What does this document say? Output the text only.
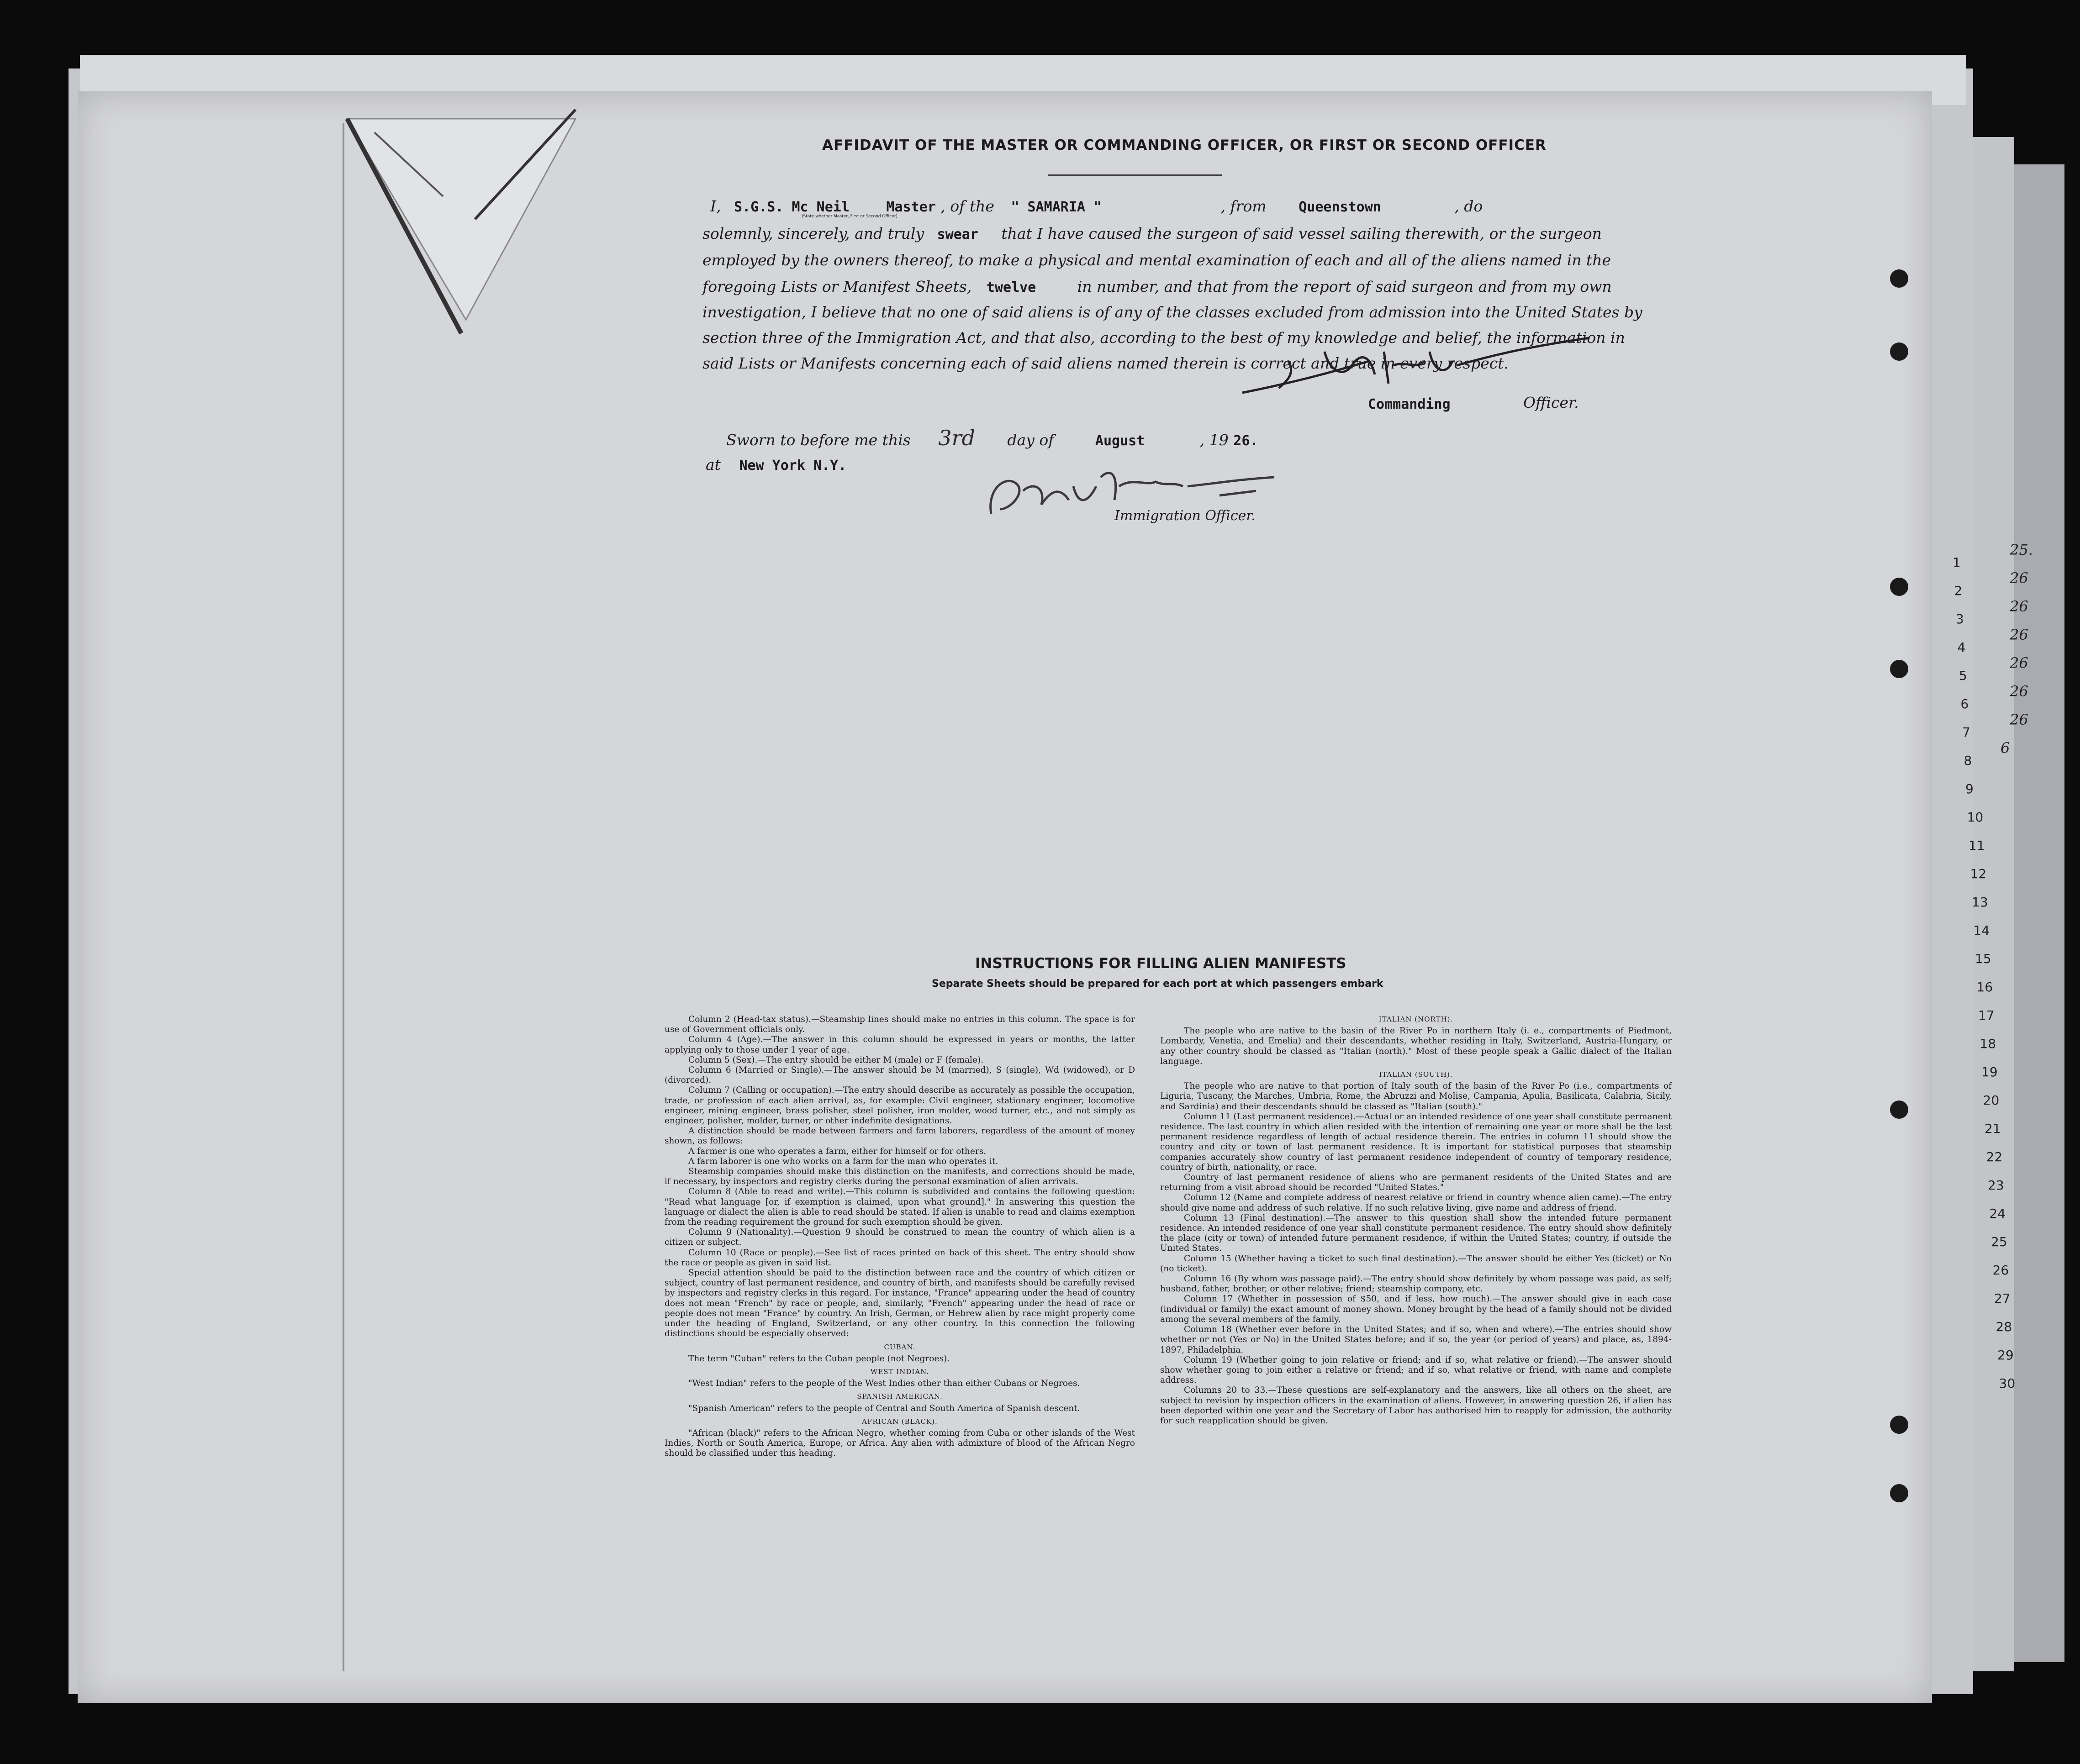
AFFIDAVIT OF THE MASTER OR COMMANDING OFFICER, OR FIRST OR SECOND OFFICER
I, S.G.S. Mc Neil	Master , of the " SAMARIA "	, from Queenstown	, do
(State whether Master, First or Second Officer)
solemnly, sincerely, and truly swear that I have caused the surgeon of said vessel sailing therewith, or the surgeon
employed by the owners thereof, to make a physical and mental examination of each and all of the aliens named in the
foregoing Lists or Manifest Sheets, twelve	in number, and that from the report of said surgeon and from my own
investigation, I believe that no one of said aliens is of any of the classes excluded from admission into the United States by
section three of the Immigration Act, and that also, according to the best of my knowledge and belief, the information in
said Lists or Manifests concerning each of said aliens named therein is correct and true in every respect.
Commanding	Officer.
Sworn to before me this 3rd day of	August	, 19 26.
at New York N.Y.
Immigration Officer.
INSTRUCTIONS FOR FILLING ALIEN MANIFESTS
Separate Sheets should be prepared for each port at which passengers embark

Column 2 (Head-tax status).—Steamship lines should make no entries in this column. The space is for use of Government officials only.

Column 4 (Age).—The answer in this column should be expressed in years or months, the latter applying only to those under 1 year of age.

Column 5 (Sex).—The entry should be either M (male) or F (female).

Column 6 (Married or Single).—The answer should be M (married), S (single), Wd (widowed), or D (divorced).

Column 7 (Calling or occupation).—The entry should describe as accurately as possible the occupation, trade, or profession of each alien arrival, as, for example: Civil engineer, stationary engineer, locomotive engineer, mining engineer, brass polisher, steel polisher, iron molder, wood turner, etc., and not simply as engineer, polisher, molder, turner, or other indefinite designations.

A distinction should be made between farmers and farm laborers, regardless of the amount of money shown, as follows:

A farmer is one who operates a farm, either for himself or for others.

A farm laborer is one who works on a farm for the man who operates it.

Steamship companies should make this distinction on the manifests, and corrections should be made, if necessary, by inspectors and registry clerks during the personal examination of alien arrivals.

Column 8 (Able to read and write).—This column is subdivided and contains the following question: "Read what language [or, if exemption is claimed, upon what ground]." In answering this question the language or dialect the alien is able to read should be stated. If alien is unable to read and claims exemption from the reading requirement the ground for such exemption should be given.

Column 9 (Nationality).—Question 9 should be construed to mean the country of which alien is a citizen or subject.

Column 10 (Race or people).—See list of races printed on back of this sheet. The entry should show the race or people as given in said list.

Special attention should be paid to the distinction between race and the country of which citizen or subject, country of last permanent residence, and country of birth, and manifests should be carefully revised by inspectors and registry clerks in this regard. For instance, "France" appearing under the head of country does not mean "French" by race or people, and, similarly, "French" appearing under the head of race or people does not mean "France" by country. An Irish, German, or Hebrew alien by race might properly come under the heading of England, Switzerland, or any other country. In this connection the following distinctions should be especially observed:

CUBAN.

The term "Cuban" refers to the Cuban people (not Negroes).

WEST INDIAN.

"West Indian" refers to the people of the West Indies other than either Cubans or Negroes.

SPANISH AMERICAN.

"Spanish American" refers to the people of Central and South America of Spanish descent.

AFRICAN (BLACK).

"African (black)" refers to the African Negro, whether coming from Cuba or other islands of the West Indies, North or South America, Europe, or Africa. Any alien with admixture of blood of the African Negro should be classified under this heading.

ITALIAN (NORTH).

The people who are native to the basin of the River Po in northern Italy (i. e., compartments of Piedmont, Lombardy, Venetia, and Emelia) and their descendants, whether residing in Italy, Switzerland, Austria-Hungary, or any other country should be classed as "Italian (north)." Most of these people speak a Gallic dialect of the Italian language.

ITALIAN (SOUTH).

The people who are native to that portion of Italy south of the basin of the River Po (i.e., compartments of Liguria, Tuscany, the Marches, Umbria, Rome, the Abruzzi and Molise, Campania, Apulia, Basilicata, Calabria, Sicily, and Sardinia) and their descendants should be classed as "Italian (south)."

Column 11 (Last permanent residence).—Actual or an intended residence of one year shall constitute permanent residence. The last country in which alien resided with the intention of remaining one year or more shall be the last permanent residence regardless of length of actual residence therein. The entries in column 11 should show the country and city or town of last permanent residence. It is important for statistical purposes that steamship companies accurately show country of last permanent residence independent of country of temporary residence, country of birth, nationality, or race.

Country of last permanent residence of aliens who are permanent residents of the United States and are returning from a visit abroad should be recorded "United States."

Column 12 (Name and complete address of nearest relative or friend in country whence alien came).—The entry should give name and address of such relative. If no such relative living, give name and address of friend.

Column 13 (Final destination).—The answer to this question shall show the intended future permanent residence. An intended residence of one year shall constitute permanent residence. The entry should show definitely the place (city or town) of intended future permanent residence, if within the United States; country, if outside the United States.

Column 15 (Whether having a ticket to such final destination).—The answer should be either Yes (ticket) or No (no ticket).

Column 16 (By whom was passage paid).—The entry should show definitely by whom passage was paid, as self; husband, father, brother, or other relative; friend; steamship company, etc.

Column 17 (Whether in possession of $50, and if less, how much).—The answer should give in each case (individual or family) the exact amount of money shown. Money brought by the head of a family should not be divided among the several members of the family.

Column 18 (Whether ever before in the United States; and if so, when and where).—The entries should show whether or not (Yes or No) in the United States before; and if so, the year (or period of years) and place, as, 1894-1897, Philadelphia.

Column 19 (Whether going to join relative or friend; and if so, what relative or friend).—The answer should show whether going to join either a relative or friend; and if so, what relative or friend, with name and complete address.

Columns 20 to 33.—These questions are self-explanatory and the answers, like all others on the sheet, are subject to revision by inspection officers in the examination of aliens. However, in answering question 26, if alien has been deported within one year and the Secretary of Labor has authorised him to reapply for admission, the authority for such reapplication should be given.

1
2
3
4
5
6
7
8
9
10
11
12
13
14
15
16
17
18
19
20
21
22
23
24
25
26
27
28
29
30
25.
26
26
26
26
26
26
6
